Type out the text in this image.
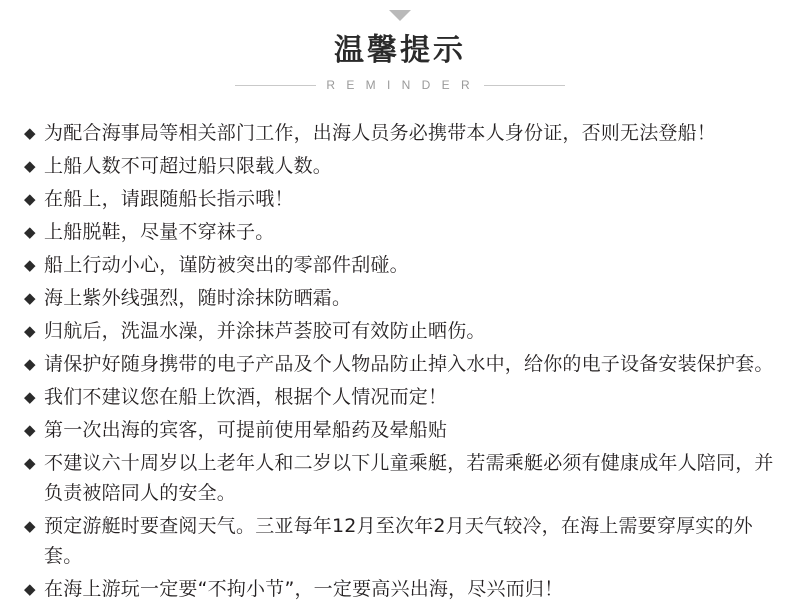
温馨提示
R E M I N D E R
◆ 为配合海事局等相关部门工作，出海人员务必携带本人身份证，否则无法登船！
◆ 上船人数不可超过船只限载人数。
◆ 在船上，请跟随船长指示哦！
◆ 上船脱鞋，尽量不穿袜子。
◆ 船上行动小心，谨防被突出的零部件刮碰。
◆ 海上紫外线强烈，随时涂抹防晒霜。
◆ 归航后，洗温水澡，并涂抹芦荟胶可有效防止晒伤。
◆ 请保护好随身携带的电子产品及个人物品防止掉入水中，给你的电子设备安装保护套。
◆ 我们不建议您在船上饮酒，根据个人情况而定！
◆ 第一次出海的宾客，可提前使用晕船药及晕船贴
◆ 不建议六十周岁以上老年人和二岁以下儿童乘艇，若需乘艇必须有健康成年人陪同，并负责被陪同人的安全。
◆ 预定游艇时要查阅天气。三亚每年12月至次年2月天气较冷，在海上需要穿厚实的外套。
◆ 在海上游玩一定要“不拘小节”，一定要高兴出海，尽兴而归！
